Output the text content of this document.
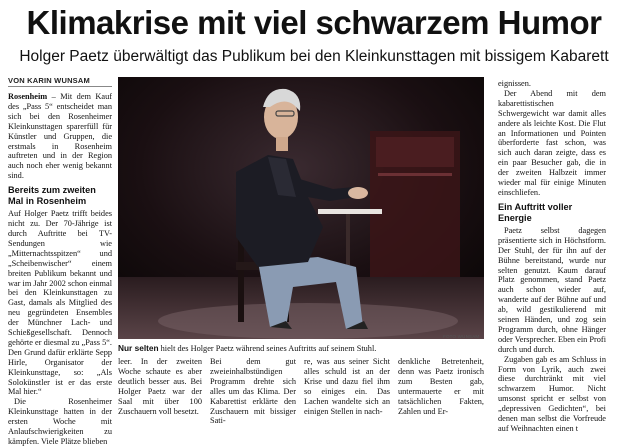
Klimakrise mit viel schwarzem Humor
Holger Paetz überwältigt das Publikum bei den Kleinkunsttagen mit bissigem Kabarett
VON KARIN WUNSAM

Rosenheim – Mit dem Kauf des „Pass 5“ entscheidet man sich bei den Rosenheimer Kleinkunsttagen sparerfüll für Künstler und Gruppen, die erstmals in Rosenheim auftreten und in der Region auch noch eher wenig bekannt sind.

Bereits zum zweiten Mal in Rosenheim

Auf Holger Paetz trifft beides nicht zu. Der 70-Jährige ist durch Auftritte bei TV-Sendungen wie „Mitternachtsspitzen“ und „Scheibenwischer“ einem breiten Publikum bekannt und war im Jahr 2002 schon einmal bei den Kleinkunsttagen zu Gast, damals als Mitglied des neu gegründeten Ensembles der Münchner Lach- und Schießgesellschaft. Dennoch gehörte er diesmal zu „Pass 5“. Den Grund dafür erklärte Sepp Hirle, Organisator der Kleinkunsttage, so: „Als Solokünstler ist er das erste Mal hier.“

Die Rosenheimer Kleinkunsttage hatten in der ersten Woche mit Anlaufschwierigkeiten zu kämpfen. Viele Plätze blieben

FOTO WUNSAM
Nur selten hielt des Holger Paetz während seines Auftritts auf seinem Stuhl.

leer. In der zweiten Woche schaute es aber deutlich besser aus. Bei Holger Paetz war der Saal mit über 100 Zuschauern voll besetzt.

Bei dem gut zweieinhalbstündigen Programm drehte sich alles um das Klima. Der Kabarettist erklärte den Zuschauern mit bissiger Sati-

re, was aus seiner Sicht alles schuld ist an der Krise und dazu fiel ihm so einiges ein. Das Lachen wandelte sich an einigen Stellen in nach-

denkliche Betretenheit, denn was Paetz ironisch zum Besten gab, untermauerte er mit tatsächlichen Fakten, Zahlen und Er-

eignissen.

Der Abend mit dem kabarettistischen Schwergewicht war damit alles andere als leichte Kost. Die Flut an Informationen und Pointen überforderte fast schon, was sich auch daran zeigte, dass es ein paar Besucher gab, die in der zweiten Halbzeit immer wieder mal für einige Minuten einschliefen.

Ein Auftritt voller Energie

Paetz selbst dagegen präsentierte sich in Höchstform. Der Stuhl, der für ihn auf der Bühne bereitstand, wurde nur selten genutzt. Kaum darauf Platz genommen, stand Paetz auch schon wieder auf, wanderte auf der Bühne auf und ab, wild gestikulierend mit seinen Händen, und zog sein Programm durch, ohne Hänger oder Versprecher. Eben ein Profi durch und durch.

Zugaben gab es am Schluss in Form von Lyrik, auch zwei diese durchtränkt mit viel schwarzem Humor. Nicht umsonst spricht er selbst von „depressiven Gedichten“, bei denen man selbst die Vorfreude auf Weihnachten einen t
